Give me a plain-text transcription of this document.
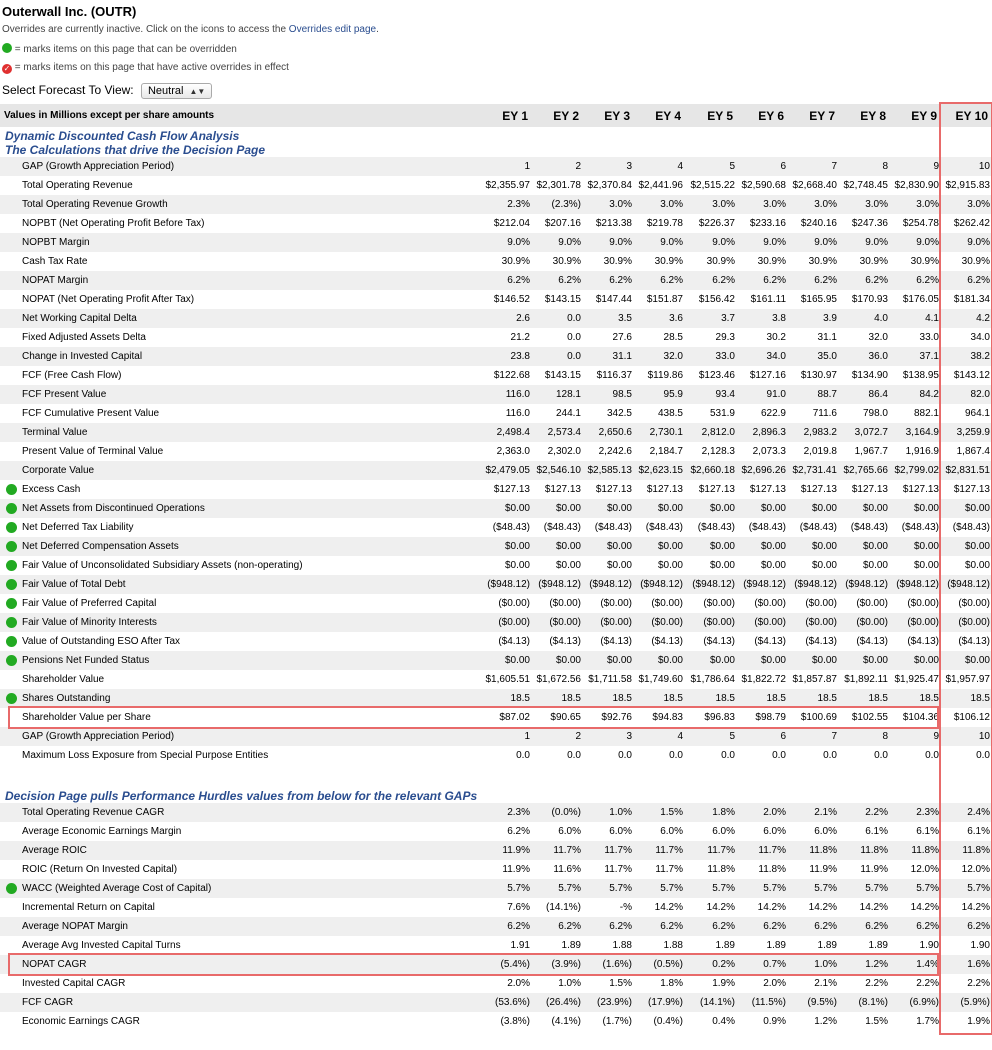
Outerwall Inc. (OUTR)
Overrides are currently inactive. Click on the icons to access the Overrides edit page.
= marks items on this page that can be overridden
✓ = marks items on this page that have active overrides in effect
Select Forecast To View: Neutral ▲▼
Values in Millions except per share amounts	EY 1	EY 2	EY 3	EY 4	EY 5	EY 6	EY 7	EY 8	EY 9	EY 10
Dynamic Discounted Cash Flow Analysis
The Calculations that drive the Decision Page										
GAP (Growth Appreciation Period)	1	2	3	4	5	6	7	8	9	10
Total Operating Revenue	$2,355.97	$2,301.78	$2,370.84	$2,441.96	$2,515.22	$2,590.68	$2,668.40	$2,748.45	$2,830.90	$2,915.83
Total Operating Revenue Growth	2.3%	(2.3%)	3.0%	3.0%	3.0%	3.0%	3.0%	3.0%	3.0%	3.0%
NOPBT (Net Operating Profit Before Tax)	$212.04	$207.16	$213.38	$219.78	$226.37	$233.16	$240.16	$247.36	$254.78	$262.42
NOPBT Margin	9.0%	9.0%	9.0%	9.0%	9.0%	9.0%	9.0%	9.0%	9.0%	9.0%
Cash Tax Rate	30.9%	30.9%	30.9%	30.9%	30.9%	30.9%	30.9%	30.9%	30.9%	30.9%
NOPAT Margin	6.2%	6.2%	6.2%	6.2%	6.2%	6.2%	6.2%	6.2%	6.2%	6.2%
NOPAT (Net Operating Profit After Tax)	$146.52	$143.15	$147.44	$151.87	$156.42	$161.11	$165.95	$170.93	$176.05	$181.34
Net Working Capital Delta	2.6	0.0	3.5	3.6	3.7	3.8	3.9	4.0	4.1	4.2
Fixed Adjusted Assets Delta	21.2	0.0	27.6	28.5	29.3	30.2	31.1	32.0	33.0	34.0
Change in Invested Capital	23.8	0.0	31.1	32.0	33.0	34.0	35.0	36.0	37.1	38.2
FCF (Free Cash Flow)	$122.68	$143.15	$116.37	$119.86	$123.46	$127.16	$130.97	$134.90	$138.95	$143.12
FCF Present Value	116.0	128.1	98.5	95.9	93.4	91.0	88.7	86.4	84.2	82.0
FCF Cumulative Present Value	116.0	244.1	342.5	438.5	531.9	622.9	711.6	798.0	882.1	964.1
Terminal Value	2,498.4	2,573.4	2,650.6	2,730.1	2,812.0	2,896.3	2,983.2	3,072.7	3,164.9	3,259.9
Present Value of Terminal Value	2,363.0	2,302.0	2,242.6	2,184.7	2,128.3	2,073.3	2,019.8	1,967.7	1,916.9	1,867.4
Corporate Value	$2,479.05	$2,546.10	$2,585.13	$2,623.15	$2,660.18	$2,696.26	$2,731.41	$2,765.66	$2,799.02	$2,831.51

Excess Cash	$127.13	$127.13	$127.13	$127.13	$127.13	$127.13	$127.13	$127.13	$127.13	$127.13

Net Assets from Discontinued Operations	$0.00	$0.00	$0.00	$0.00	$0.00	$0.00	$0.00	$0.00	$0.00	$0.00

Net Deferred Tax Liability	($48.43)	($48.43)	($48.43)	($48.43)	($48.43)	($48.43)	($48.43)	($48.43)	($48.43)	($48.43)

Net Deferred Compensation Assets	$0.00	$0.00	$0.00	$0.00	$0.00	$0.00	$0.00	$0.00	$0.00	$0.00

Fair Value of Unconsolidated Subsidiary Assets (non-operating)	$0.00	$0.00	$0.00	$0.00	$0.00	$0.00	$0.00	$0.00	$0.00	$0.00

Fair Value of Total Debt	($948.12)	($948.12)	($948.12)	($948.12)	($948.12)	($948.12)	($948.12)	($948.12)	($948.12)	($948.12)

Fair Value of Preferred Capital	($0.00)	($0.00)	($0.00)	($0.00)	($0.00)	($0.00)	($0.00)	($0.00)	($0.00)	($0.00)

Fair Value of Minority Interests	($0.00)	($0.00)	($0.00)	($0.00)	($0.00)	($0.00)	($0.00)	($0.00)	($0.00)	($0.00)

Value of Outstanding ESO After Tax	($4.13)	($4.13)	($4.13)	($4.13)	($4.13)	($4.13)	($4.13)	($4.13)	($4.13)	($4.13)

Pensions Net Funded Status	$0.00	$0.00	$0.00	$0.00	$0.00	$0.00	$0.00	$0.00	$0.00	$0.00
Shareholder Value	$1,605.51	$1,672.56	$1,711.58	$1,749.60	$1,786.64	$1,822.72	$1,857.87	$1,892.11	$1,925.47	$1,957.97

Shares Outstanding	18.5	18.5	18.5	18.5	18.5	18.5	18.5	18.5	18.5	18.5
Shareholder Value per Share	$87.02	$90.65	$92.76	$94.83	$96.83	$98.79	$100.69	$102.55	$104.36	$106.12
GAP (Growth Appreciation Period)	1	2	3	4	5	6	7	8	9	10
Maximum Loss Exposure from Special Purpose Entities	0.0	0.0	0.0	0.0	0.0	0.0	0.0	0.0	0.0	0.0

Decision Page pulls Performance Hurdles values from below for the relevant GAPs										
Total Operating Revenue CAGR	2.3%	(0.0%)	1.0%	1.5%	1.8%	2.0%	2.1%	2.2%	2.3%	2.4%
Average Economic Earnings Margin	6.2%	6.0%	6.0%	6.0%	6.0%	6.0%	6.0%	6.1%	6.1%	6.1%
Average ROIC	11.9%	11.7%	11.7%	11.7%	11.7%	11.7%	11.8%	11.8%	11.8%	11.8%
ROIC (Return On Invested Capital)	11.9%	11.6%	11.7%	11.7%	11.8%	11.8%	11.9%	11.9%	12.0%	12.0%

WACC (Weighted Average Cost of Capital)	5.7%	5.7%	5.7%	5.7%	5.7%	5.7%	5.7%	5.7%	5.7%	5.7%
Incremental Return on Capital	7.6%	(14.1%)	-%	14.2%	14.2%	14.2%	14.2%	14.2%	14.2%	14.2%
Average NOPAT Margin	6.2%	6.2%	6.2%	6.2%	6.2%	6.2%	6.2%	6.2%	6.2%	6.2%
Average Avg Invested Capital Turns	1.91	1.89	1.88	1.88	1.89	1.89	1.89	1.89	1.90	1.90
NOPAT CAGR	(5.4%)	(3.9%)	(1.6%)	(0.5%)	0.2%	0.7%	1.0%	1.2%	1.4%	1.6%
Invested Capital CAGR	2.0%	1.0%	1.5%	1.8%	1.9%	2.0%	2.1%	2.2%	2.2%	2.2%
FCF CAGR	(53.6%)	(26.4%)	(23.9%)	(17.9%)	(14.1%)	(11.5%)	(9.5%)	(8.1%)	(6.9%)	(5.9%)
Economic Earnings CAGR	(3.8%)	(4.1%)	(1.7%)	(0.4%)	0.4%	0.9%	1.2%	1.5%	1.7%	1.9%
